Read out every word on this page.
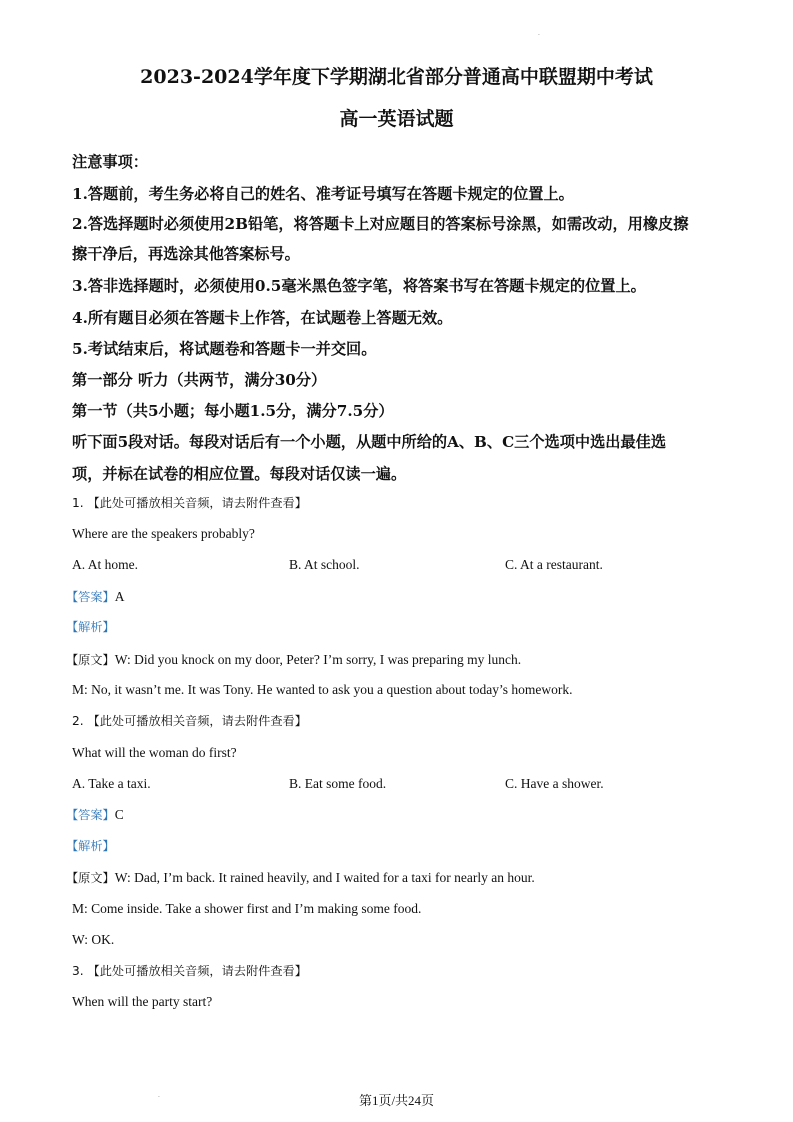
.
2023-2024学年度下学期湖北省部分普通高中联盟期中考试
高一英语试题
注意事项：
1.答题前，考生务必将自己的姓名、准考证号填写在答题卡规定的位置上。
2.答选择题时必须使用2B铅笔，将答题卡上对应题目的答案标号涂黑，如需改动，用橡皮擦
擦干净后，再选涂其他答案标号。
3.答非选择题时，必须使用0.5毫米黑色签字笔，将答案书写在答题卡规定的位置上。
4.所有题目必须在答题卡上作答，在试题卷上答题无效。
5.考试结束后，将试题卷和答题卡一并交回。
第一部分 听力（共两节，满分30分）
第一节（共5小题；每小题1.5分，满分7.5分）
听下面5段对话。每段对话后有一个小题，从题中所给的A、B、C三个选项中选出最佳选
项，并标在试卷的相应位置。每段对话仅读一遍。
1. 【此处可播放相关音频，请去附件查看】
Where are the speakers probably?
A. At home.	B. At school.	C. At a restaurant.
【答案】A
【解析】
【原文】W: Did you knock on my door, Peter? I’m sorry, I was preparing my lunch.
M: No, it wasn’t me. It was Tony. He wanted to ask you a question about today’s homework.
2. 【此处可播放相关音频，请去附件查看】
What will the woman do first?
A. Take a taxi.	B. Eat some food.	C. Have a shower.
【答案】C
【解析】
【原文】W: Dad, I’m back. It rained heavily, and I waited for a taxi for nearly an hour.
M: Come inside. Take a shower first and I’m making some food.
W: OK.
3. 【此处可播放相关音频，请去附件查看】
When will the party start?
第1页/共24页
.
